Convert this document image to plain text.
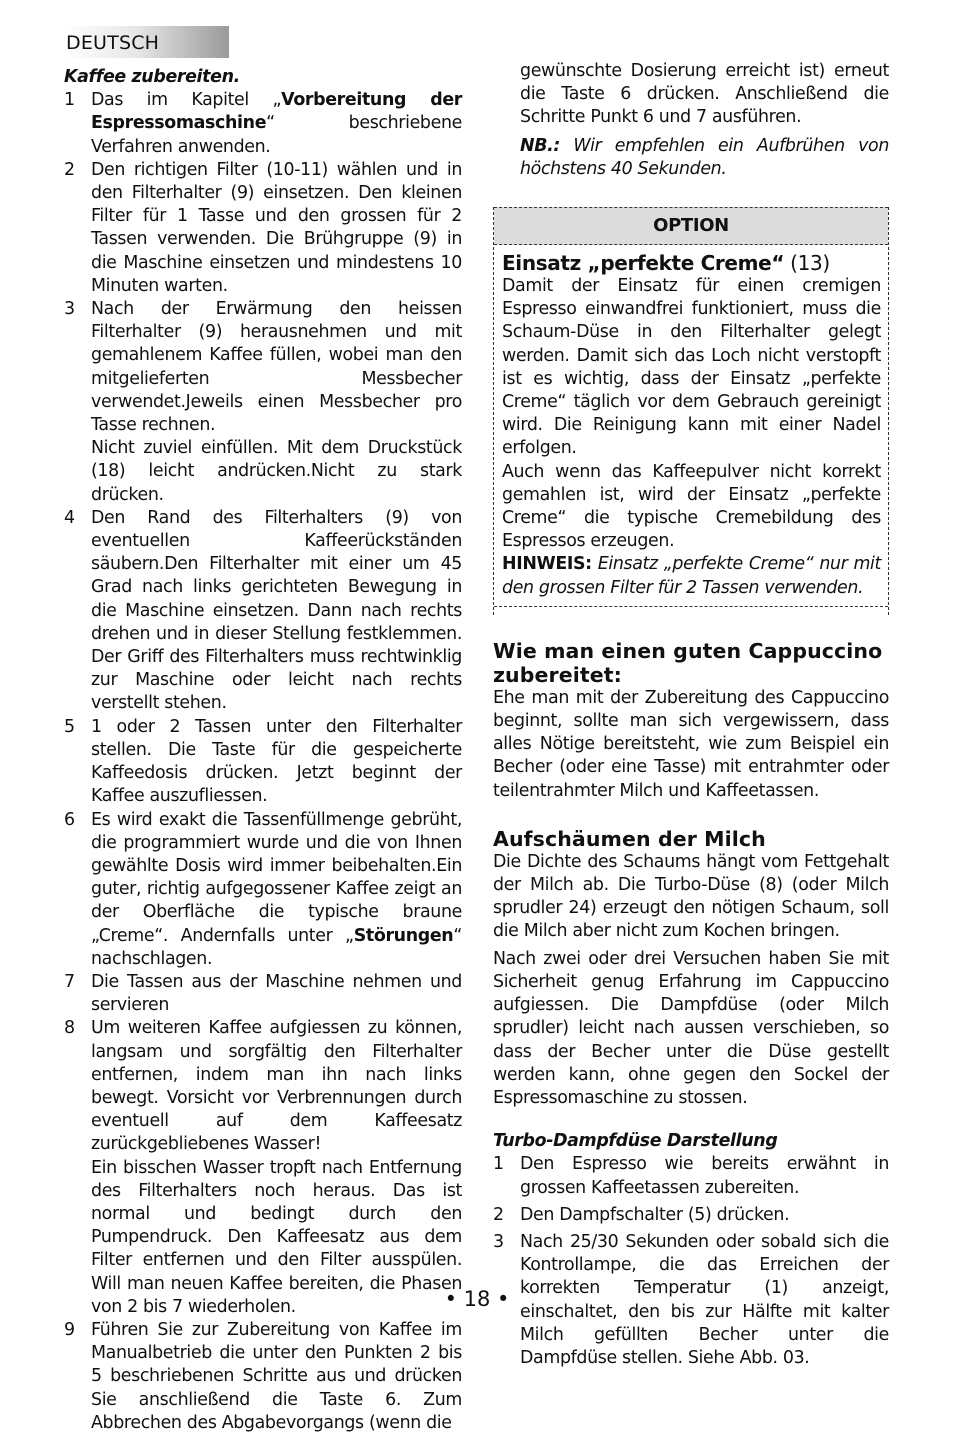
DEUTSCH

Kaffee zubereiten.

1 Das im Kapitel „Vorbereitung der Espressomaschine“ beschriebene Verfahren anwenden.
2 Den richtigen Filter (10-11) wählen und in den Filterhalter (9) einsetzen. Den kleinen Filter für 1 Tasse und den grossen für 2 Tassen verwenden. Die Brühgruppe (9) in die Maschine einsetzen und mindestens 10 Minuten warten.
3 Nach der Erwärmung den heissen Filterhalter (9) herausnehmen und mit gemahlenem Kaffee füllen, wobei man den mitgelieferten Messbecher verwendet.Jeweils einen Messbecher pro Tasse rechnen.

Nicht zuviel einfüllen. Mit dem Druckstück (18) leicht andrücken.Nicht zu stark drücken.

4 Den Rand des Filterhalters (9) von eventuellen Kaffeerückständen säubern.Den Filterhalter mit einer um 45 Grad nach links gerichteten Bewegung in die Maschine einsetzen. Dann nach rechts drehen und in dieser Stellung festklemmen. Der Griff des Filterhalters muss rechtwinklig zur Maschine oder leicht nach rechts verstellt stehen.
5 1 oder 2 Tassen unter den Filterhalter stellen. Die Taste für die gespeicherte Kaffeedosis drücken. Jetzt beginnt der Kaffee auszufliessen.
6 Es wird exakt die Tassenfüllmenge gebrüht, die programmiert wurde und die von Ihnen gewählte Dosis wird immer beibehalten.Ein guter, richtig aufgegossener Kaffee zeigt an der Oberfläche die typische braune „Creme“. Andernfalls unter „Störungen“ nachschlagen.
7 Die Tassen aus der Maschine nehmen und servieren
8 Um weiteren Kaffee aufgiessen zu können, langsam und sorgfältig den Filterhalter entfernen, indem man ihn nach links bewegt. Vorsicht vor Verbrennungen durch eventuell auf dem Kaffeesatz zurückgebliebenes Wasser!

Ein bisschen Wasser tropft nach Entfernung des Filterhalters noch heraus. Das ist normal und bedingt durch den Pumpendruck. Den Kaffeesatz aus dem Filter entfernen und den Filter ausspülen. Will man neuen Kaffee bereiten, die Phasen von 2 bis 7 wiederholen.

9 Führen Sie zur Zubereitung von Kaffee im Manualbetrieb die unter den Punkten 2 bis 5 beschriebenen Schritte aus und drücken Sie anschließend die Taste 6. Zum Abbrechen des Abgabevorgangs (wenn die

gewünschte Dosierung erreicht ist) erneut die Taste 6 drücken. Anschließend die Schritte Punkt 6 und 7 ausführen.

NB.: Wir empfehlen ein Aufbrühen von höchstens 40 Sekunden.

OPTION

Einsatz „perfekte Creme“ (13)

Damit der Einsatz für einen cremigen Espresso einwandfrei funktioniert, muss die Schaum-Düse in den Filterhalter gelegt werden. Damit sich das Loch nicht verstopft ist es wichtig, dass der Einsatz „perfekte Creme“ täglich vor dem Gebrauch gereinigt wird. Die Reinigung kann mit einer Nadel erfolgen.

Auch wenn das Kaffeepulver nicht korrekt gemahlen ist, wird der Einsatz „perfekte Creme“ die typische Cremebildung des Espressos erzeugen.

HINWEIS: Einsatz „perfekte Creme“ nur mit den grossen Filter für 2 Tassen verwenden.

Wie man einen guten Cappuccino zubereitet:

Ehe man mit der Zubereitung des Cappuccino beginnt, sollte man sich vergewissern, dass alles Nötige bereitsteht, wie zum Beispiel ein Becher (oder eine Tasse) mit entrahmter oder teilentrahmter Milch und Kaffeetassen.

Aufschäumen der Milch

Die Dichte des Schaums hängt vom Fettgehalt der Milch ab. Die Turbo-Düse (8) (oder Milch sprudler 24) erzeugt den nötigen Schaum, soll die Milch aber nicht zum Kochen bringen.

Nach zwei oder drei Versuchen haben Sie mit Sicherheit genug Erfahrung im Cappuccino aufgiessen. Die Dampfdüse (oder Milch sprudler) leicht nach aussen verschieben, so dass der Becher unter die Düse gestellt werden kann, ohne gegen den Sockel der Espressomaschine zu stossen.

Turbo-Dampfdüse Darstellung

1 Den Espresso wie bereits erwähnt in grossen Kaffeetassen zubereiten.
2 Den Dampfschalter (5) drücken.
3 Nach 25/30 Sekunden oder sobald sich die Kontrollampe, die das Erreichen der korrekten Temperatur (1) anzeigt, einschaltet, den bis zur Hälfte mit kalter Milch gefüllten Becher unter die Dampfdüse stellen. Siehe Abb. 03.
• 18 •
